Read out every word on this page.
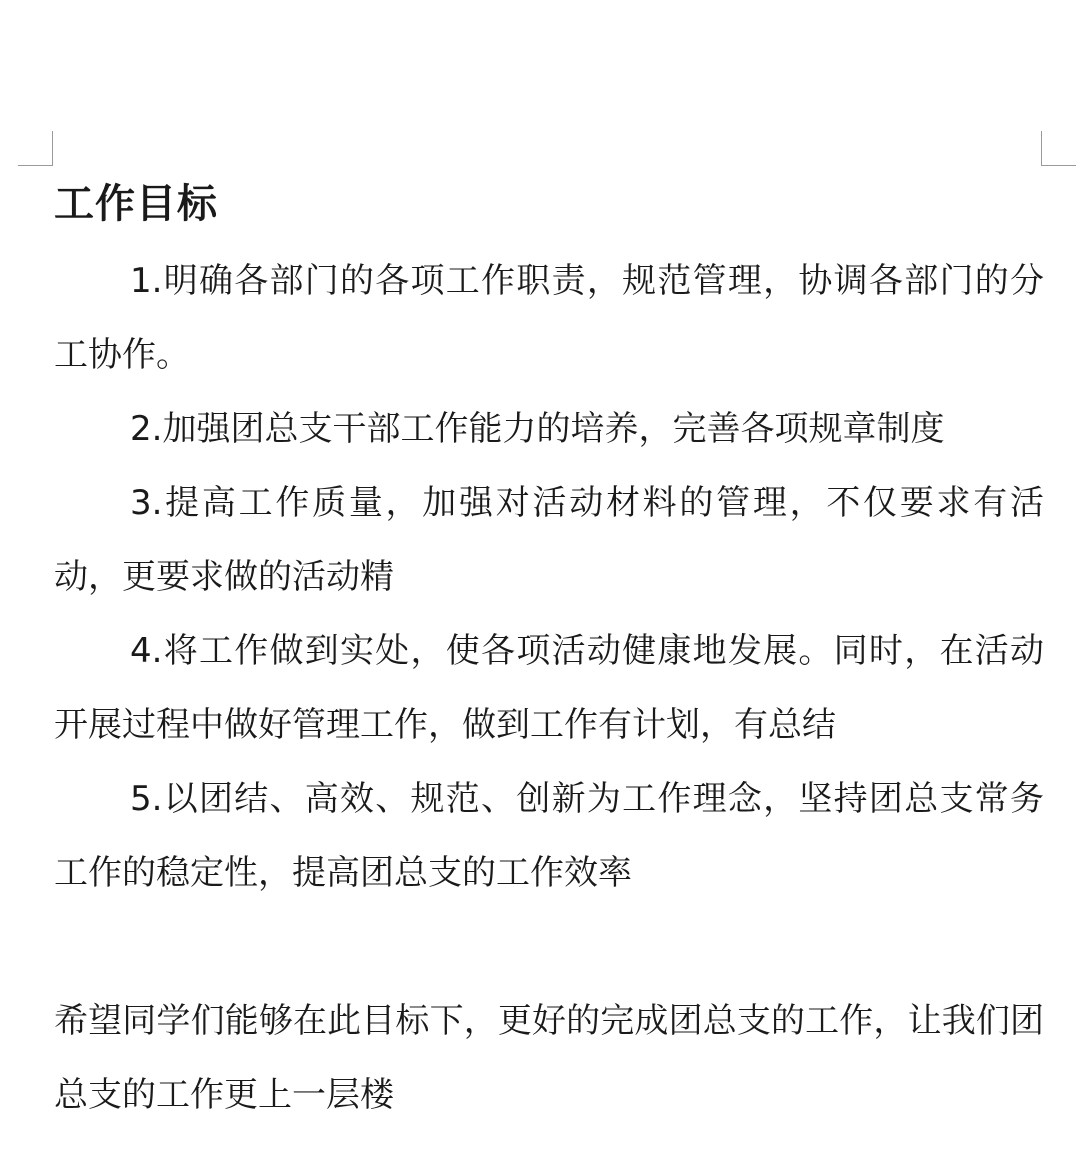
工作目标

1.明确各部门的各项工作职责，规范管理，协调各部门的分工协作。

2.加强团总支干部工作能力的培养，完善各项规章制度

3.提高工作质量，加强对活动材料的管理，不仅要求有活动，更要求做的活动精

4.将工作做到实处，使各项活动健康地发展。同时，在活动开展过程中做好管理工作，做到工作有计划，有总结

5.以团结、高效、规范、创新为工作理念，坚持团总支常务工作的稳定性，提高团总支的工作效率

希望同学们能够在此目标下，更好的完成团总支的工作，让我们团总支的工作更上一层楼
